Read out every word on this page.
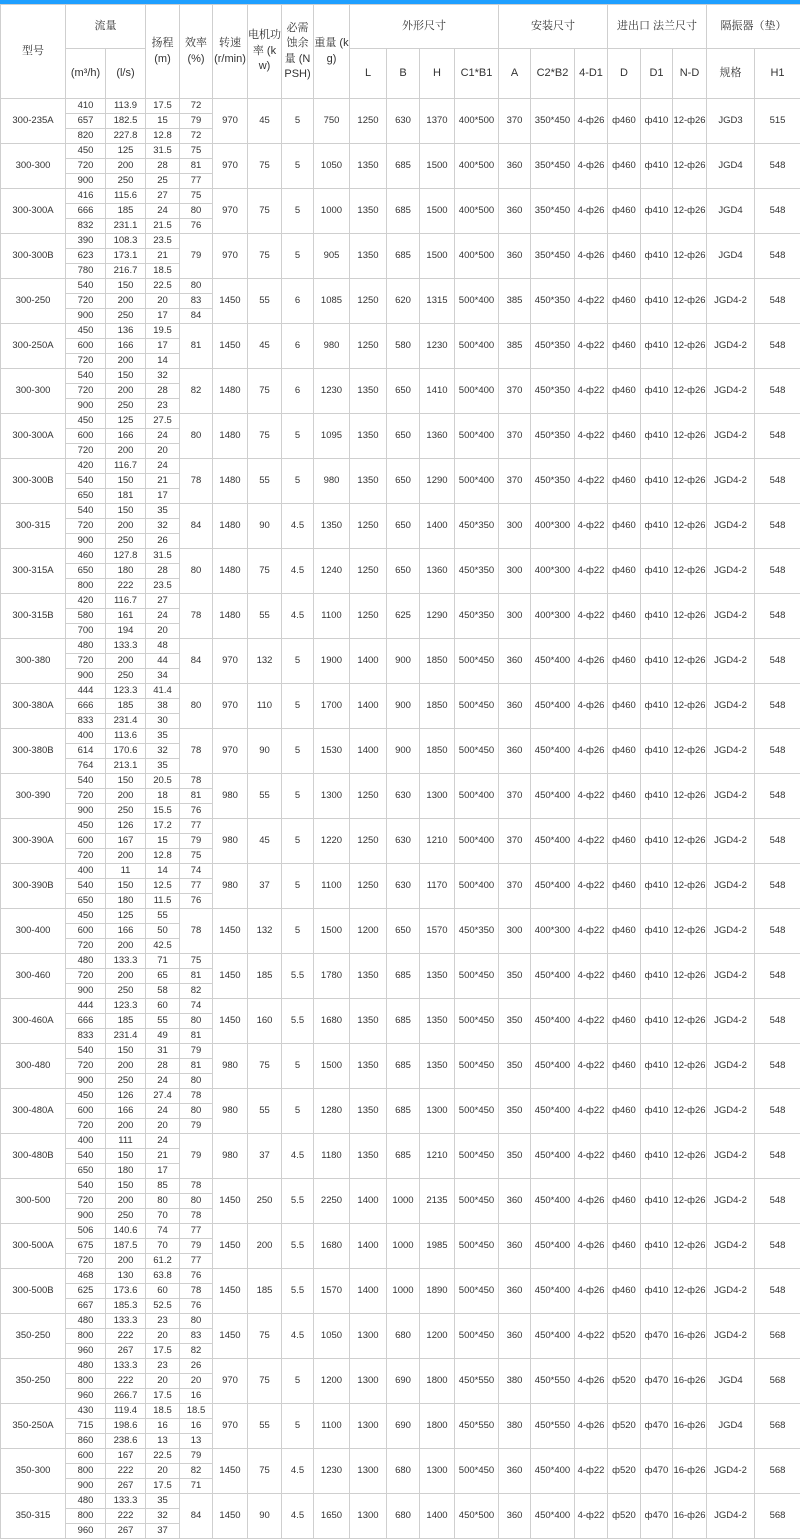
型号	流量		扬程 (m)	效率 (%)	转速 (r/min)	电机功率 (kw)	必需蚀余量 (NPSH)	重量 (kg)	外形尺寸				安装尺寸			进出口 法兰尺寸			隔振器（垫）	
	(m³/h)	(l/s)							L	B	H	C1*B1	A	C2*B2	4-D1	D	D1	N-D	规格	H1
300-235A	410	113.9	17.5	72	970	45	5	750	1250	630	1370	400*500	370	350*450	4-ф26	ф460	ф410	12-ф26	JGD3	515
	657	182.5	15	79																
	820	227.8	12.8	72																
300-300	450	125	31.5	75	970	75	5	1050	1350	685	1500	400*500	360	350*450	4-ф26	ф460	ф410	12-ф26	JGD4	548
	720	200	28	81																
	900	250	25	77																
300-300A	416	115.6	27	75	970	75	5	1000	1350	685	1500	400*500	360	350*450	4-ф26	ф460	ф410	12-ф26	JGD4	548
	666	185	24	80																
	832	231.1	21.5	76																
300-300B	390	108.3	23.5	79	970	75	5	905	1350	685	1500	400*500	360	350*450	4-ф26	ф460	ф410	12-ф26	JGD4	548
	623	173.1	21																	
	780	216.7	18.5																	
300-250	540	150	22.5	80	1450	55	6	1085	1250	620	1315	500*400	385	450*350	4-ф22	ф460	ф410	12-ф26	JGD4-2	548
	720	200	20	83																
	900	250	17	84																
300-250A	450	136	19.5	81	1450	45	6	980	1250	580	1230	500*400	385	450*350	4-ф22	ф460	ф410	12-ф26	JGD4-2	548
	600	166	17																	
	720	200	14																	
300-300	540	150	32	82	1480	75	6	1230	1350	650	1410	500*400	370	450*350	4-ф22	ф460	ф410	12-ф26	JGD4-2	548
	720	200	28																	
	900	250	23																	
300-300A	450	125	27.5	80	1480	75	5	1095	1350	650	1360	500*400	370	450*350	4-ф22	ф460	ф410	12-ф26	JGD4-2	548
	600	166	24																	
	720	200	20																	
300-300B	420	116.7	24	78	1480	55	5	980	1350	650	1290	500*400	370	450*350	4-ф22	ф460	ф410	12-ф26	JGD4-2	548
	540	150	21																	
	650	181	17																	
300-315	540	150	35	84	1480	90	4.5	1350	1250	650	1400	450*350	300	400*300	4-ф22	ф460	ф410	12-ф26	JGD4-2	548
	720	200	32																	
	900	250	26																	
300-315A	460	127.8	31.5	80	1480	75	4.5	1240	1250	650	1360	450*350	300	400*300	4-ф22	ф460	ф410	12-ф26	JGD4-2	548
	650	180	28																	
	800	222	23.5																	
300-315B	420	116.7	27	78	1480	55	4.5	1100	1250	625	1290	450*350	300	400*300	4-ф22	ф460	ф410	12-ф26	JGD4-2	548
	580	161	24																	
	700	194	20																	
300-380	480	133.3	48	84	970	132	5	1900	1400	900	1850	500*450	360	450*400	4-ф26	ф460	ф410	12-ф26	JGD4-2	548
	720	200	44																	
	900	250	34																	
300-380A	444	123.3	41.4	80	970	110	5	1700	1400	900	1850	500*450	360	450*400	4-ф26	ф460	ф410	12-ф26	JGD4-2	548
	666	185	38																	
	833	231.4	30																	
300-380B	400	113.6	35	78	970	90	5	1530	1400	900	1850	500*450	360	450*400	4-ф26	ф460	ф410	12-ф26	JGD4-2	548
	614	170.6	32																	
	764	213.1	35																	
300-390	540	150	20.5	78	980	55	5	1300	1250	630	1300	500*400	370	450*400	4-ф22	ф460	ф410	12-ф26	JGD4-2	548
	720	200	18	81																
	900	250	15.5	76																
300-390A	450	126	17.2	77	980	45	5	1220	1250	630	1210	500*400	370	450*400	4-ф22	ф460	ф410	12-ф26	JGD4-2	548
	600	167	15	79																
	720	200	12.8	75																
300-390B	400	11	14	74	980	37	5	1100	1250	630	1170	500*400	370	450*400	4-ф22	ф460	ф410	12-ф26	JGD4-2	548
	540	150	12.5	77																
	650	180	11.5	76																
300-400	450	125	55	78	1450	132	5	1500	1200	650	1570	450*350	300	400*300	4-ф22	ф460	ф410	12-ф26	JGD4-2	548
	600	166	50																	
	720	200	42.5																	
300-460	480	133.3	71	75	1450	185	5.5	1780	1350	685	1350	500*450	350	450*400	4-ф22	ф460	ф410	12-ф26	JGD4-2	548
	720	200	65	81																
	900	250	58	82																
300-460A	444	123.3	60	74	1450	160	5.5	1680	1350	685	1350	500*450	350	450*400	4-ф22	ф460	ф410	12-ф26	JGD4-2	548
	666	185	55	80																
	833	231.4	49	81																
300-480	540	150	31	79	980	75	5	1500	1350	685	1350	500*450	350	450*400	4-ф22	ф460	ф410	12-ф26	JGD4-2	548
	720	200	28	81																
	900	250	24	80																
300-480A	450	126	27.4	78	980	55	5	1280	1350	685	1300	500*450	350	450*400	4-ф22	ф460	ф410	12-ф26	JGD4-2	548
	600	166	24	80																
	720	200	20	79																
300-480B	400	111	24	79	980	37	4.5	1180	1350	685	1210	500*450	350	450*400	4-ф22	ф460	ф410	12-ф26	JGD4-2	548
	540	150	21																	
	650	180	17																	
300-500	540	150	85	78	1450	250	5.5	2250	1400	1000	2135	500*450	360	450*400	4-ф26	ф460	ф410	12-ф26	JGD4-2	548
	720	200	80	80																
	900	250	70	78																
300-500A	506	140.6	74	77	1450	200	5.5	1680	1400	1000	1985	500*450	360	450*400	4-ф26	ф460	ф410	12-ф26	JGD4-2	548
	675	187.5	70	79																
	720	200	61.2	77																
300-500B	468	130	63.8	76	1450	185	5.5	1570	1400	1000	1890	500*450	360	450*400	4-ф26	ф460	ф410	12-ф26	JGD4-2	548
	625	173.6	60	78																
	667	185.3	52.5	76																
350-250	480	133.3	23	80	1450	75	4.5	1050	1300	680	1200	500*450	360	450*400	4-ф22	ф520	ф470	16-ф26	JGD4-2	568
	800	222	20	83																
	960	267	17.5	82																
350-250	480	133.3	23	26	970	75	5	1200	1300	690	1800	450*550	380	450*550	4-ф26	ф520	ф470	16-ф26	JGD4	568
	800	222	20	20																
	960	266.7	17.5	16																
350-250A	430	119.4	18.5	18.5	970	55	5	1100	1300	690	1800	450*550	380	450*550	4-ф26	ф520	ф470	16-ф26	JGD4	568
	715	198.6	16	16																
	860	238.6	13	13																
350-300	600	167	22.5	79	1450	75	4.5	1230	1300	680	1300	500*450	360	450*400	4-ф22	ф520	ф470	16-ф26	JGD4-2	568
	800	222	20	82																
	900	267	17.5	71																
350-315	480	133.3	35	84	1450	90	4.5	1650	1300	680	1400	450*500	360	450*400	4-ф22	ф520	ф470	16-ф26	JGD4-2	568
	800	222	32																	
	960	267	37																	
